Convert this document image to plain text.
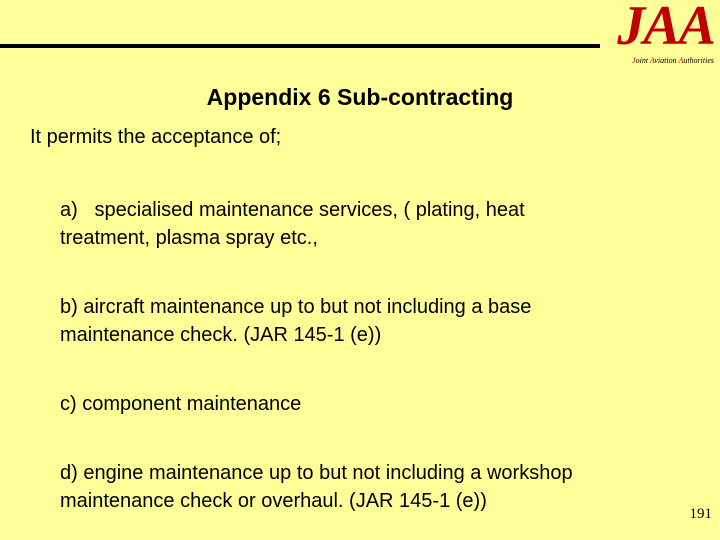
JAA
Joint Aviation Authorities
Appendix 6 Sub-contracting
It permits the acceptance of;
a)   specialised maintenance services, ( plating, heat
treatment, plasma spray etc.,
b) aircraft maintenance up to but not including a base
maintenance check. (JAR 145-1 (e))
c) component maintenance
d) engine maintenance up to but not including a workshop
maintenance check or overhaul. (JAR 145-1 (e))
191
